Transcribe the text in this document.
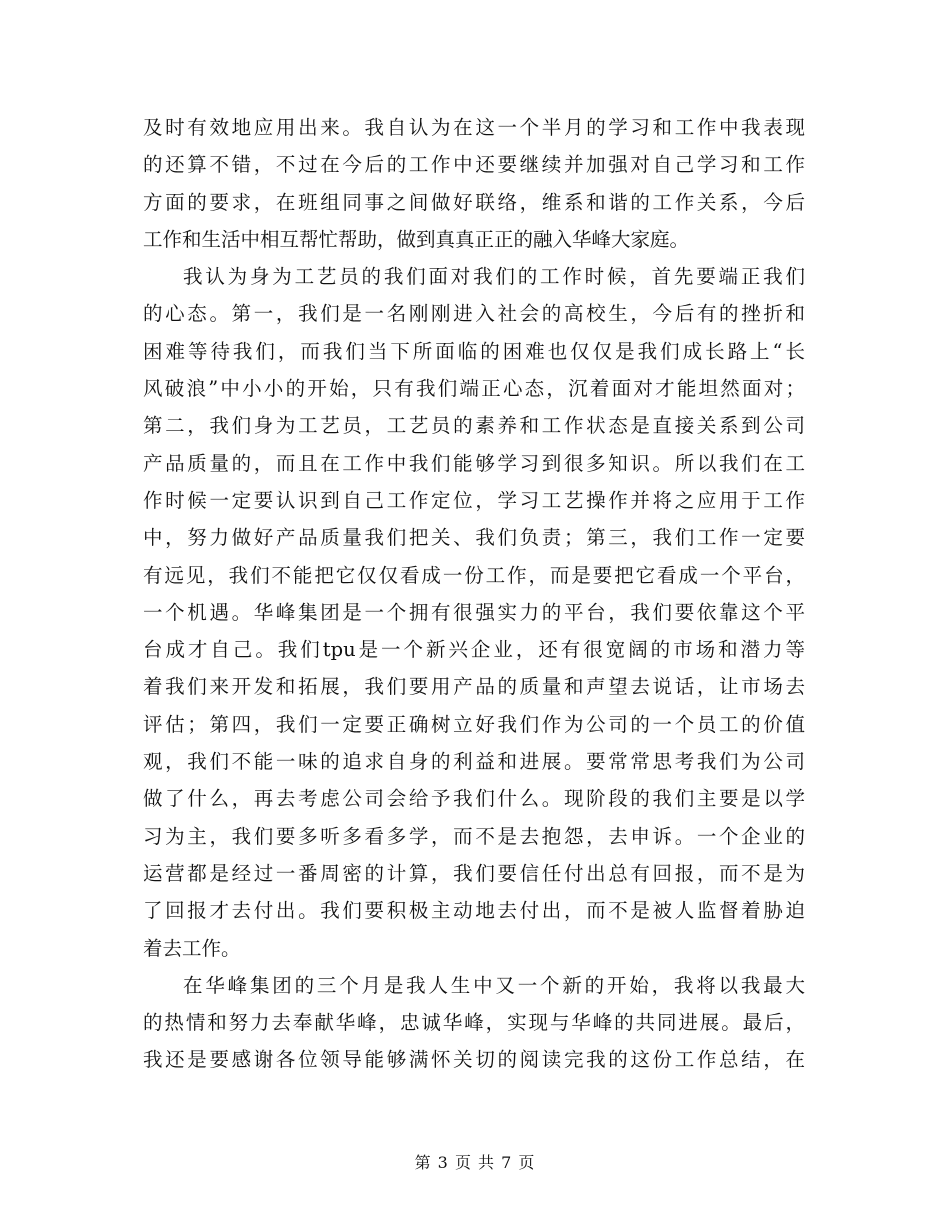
及时有效地应用出来。我自认为在这一个半月的学习和工作中我表现
的还算不错，不过在今后的工作中还要继续并加强对自己学习和工作
方面的要求，在班组同事之间做好联络，维系和谐的工作关系，今后
工作和生活中相互帮忙帮助，做到真真正正的融入华峰大家庭。
我认为身为工艺员的我们面对我们的工作时候，首先要端正我们
的心态。第一，我们是一名刚刚进入社会的高校生，今后有的挫折和
困难等待我们，而我们当下所面临的困难也仅仅是我们成长路上“长
风破浪”中小小的开始，只有我们端正心态，沉着面对才能坦然面对；
第二，我们身为工艺员，工艺员的素养和工作状态是直接关系到公司
产品质量的，而且在工作中我们能够学习到很多知识。所以我们在工
作时候一定要认识到自己工作定位，学习工艺操作并将之应用于工作
中，努力做好产品质量我们把关、我们负责；第三，我们工作一定要
有远见，我们不能把它仅仅看成一份工作，而是要把它看成一个平台，
一个机遇。华峰集团是一个拥有很强实力的平台，我们要依靠这个平
台成才自己。我们tpu是一个新兴企业，还有很宽阔的市场和潜力等
着我们来开发和拓展，我们要用产品的质量和声望去说话，让市场去
评估；第四，我们一定要正确树立好我们作为公司的一个员工的价值
观，我们不能一味的追求自身的利益和进展。要常常思考我们为公司
做了什么，再去考虑公司会给予我们什么。现阶段的我们主要是以学
习为主，我们要多听多看多学，而不是去抱怨，去申诉。一个企业的
运营都是经过一番周密的计算，我们要信任付出总有回报，而不是为
了回报才去付出。我们要积极主动地去付出，而不是被人监督着胁迫
着去工作。
在华峰集团的三个月是我人生中又一个新的开始，我将以我最大
的热情和努力去奉献华峰，忠诚华峰，实现与华峰的共同进展。最后，
我还是要感谢各位领导能够满怀关切的阅读完我的这份工作总结，在
第 3 页 共 7 页
